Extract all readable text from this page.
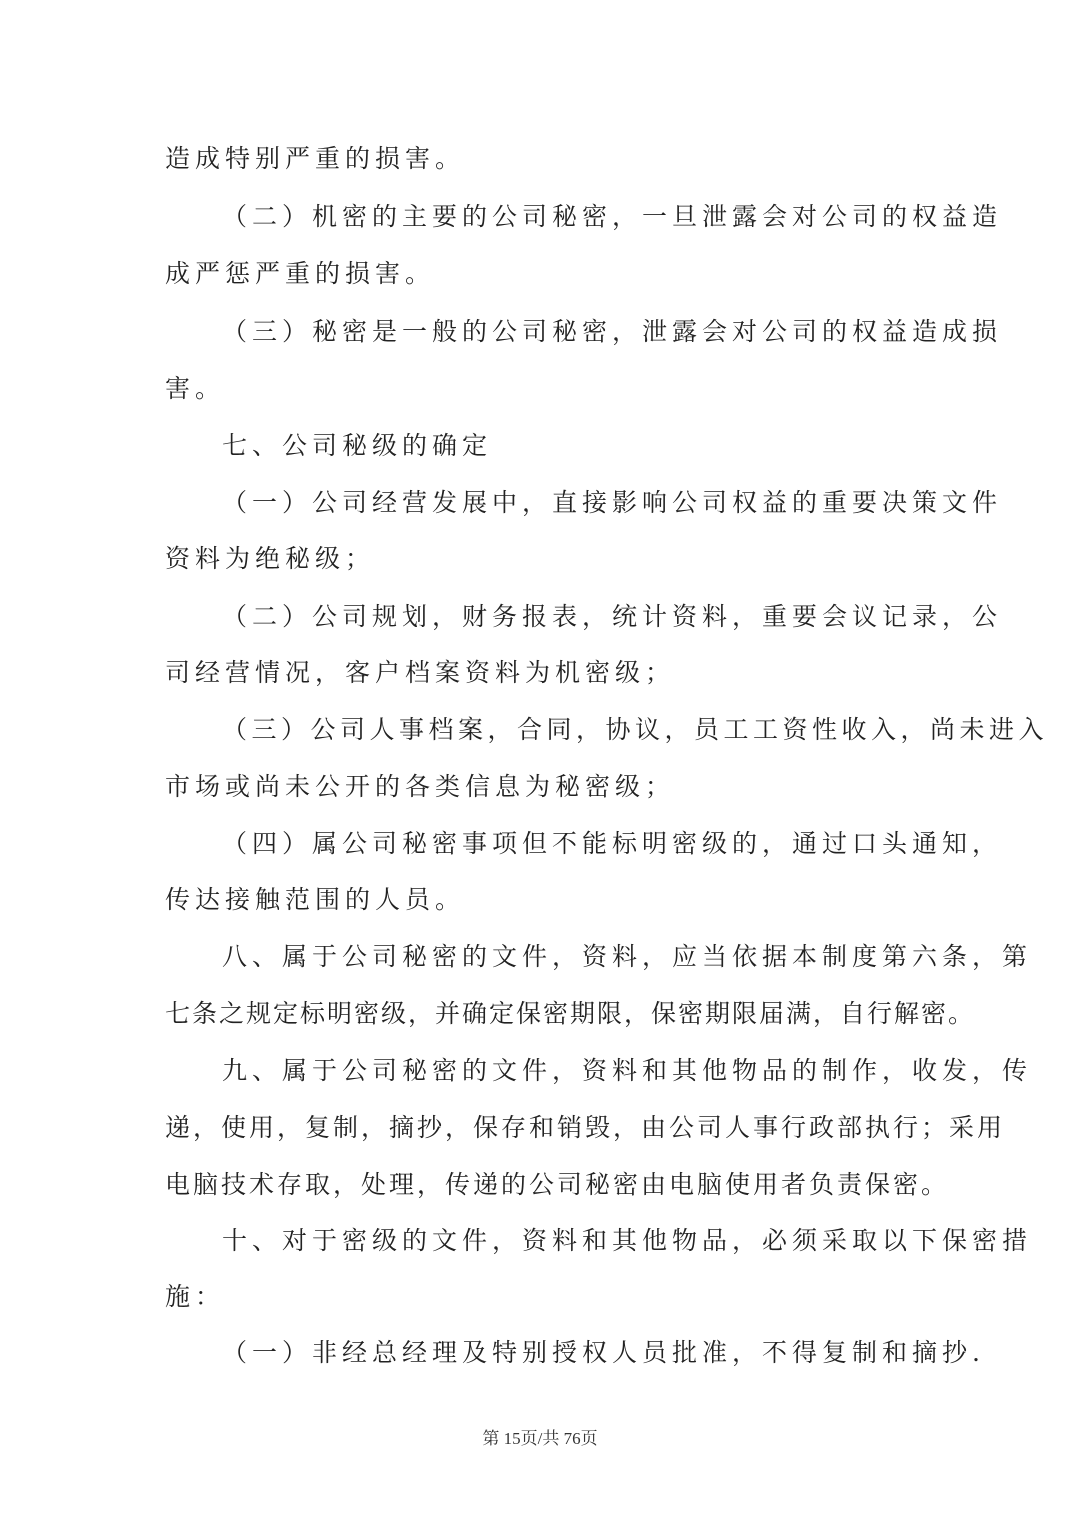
造成特别严重的损害。
（二）机密的主要的公司秘密，一旦泄露会对公司的权益造
成严惩严重的损害。
（三）秘密是一般的公司秘密，泄露会对公司的权益造成损
害。
七、公司秘级的确定
（一）公司经营发展中，直接影响公司权益的重要决策文件
资料为绝秘级；
（二）公司规划，财务报表，统计资料，重要会议记录，公
司经营情况，客户档案资料为机密级；
（三）公司人事档案，合同，协议，员工工资性收入，尚未进入
市场或尚未公开的各类信息为秘密级；
（四）属公司秘密事项但不能标明密级的，通过口头通知，
传达接触范围的人员。
八、属于公司秘密的文件，资料，应当依据本制度第六条，第
七条之规定标明密级，并确定保密期限，保密期限届满，自行解密。
九、属于公司秘密的文件，资料和其他物品的制作，收发，传
递，使用，复制，摘抄，保存和销毁，由公司人事行政部执行；采用
电脑技术存取，处理，传递的公司秘密由电脑使用者负责保密。
十、对于密级的文件，资料和其他物品，必须采取以下保密措
施：
（一）非经总经理及特别授权人员批准，不得复制和摘抄.
第 15页/共 76页
